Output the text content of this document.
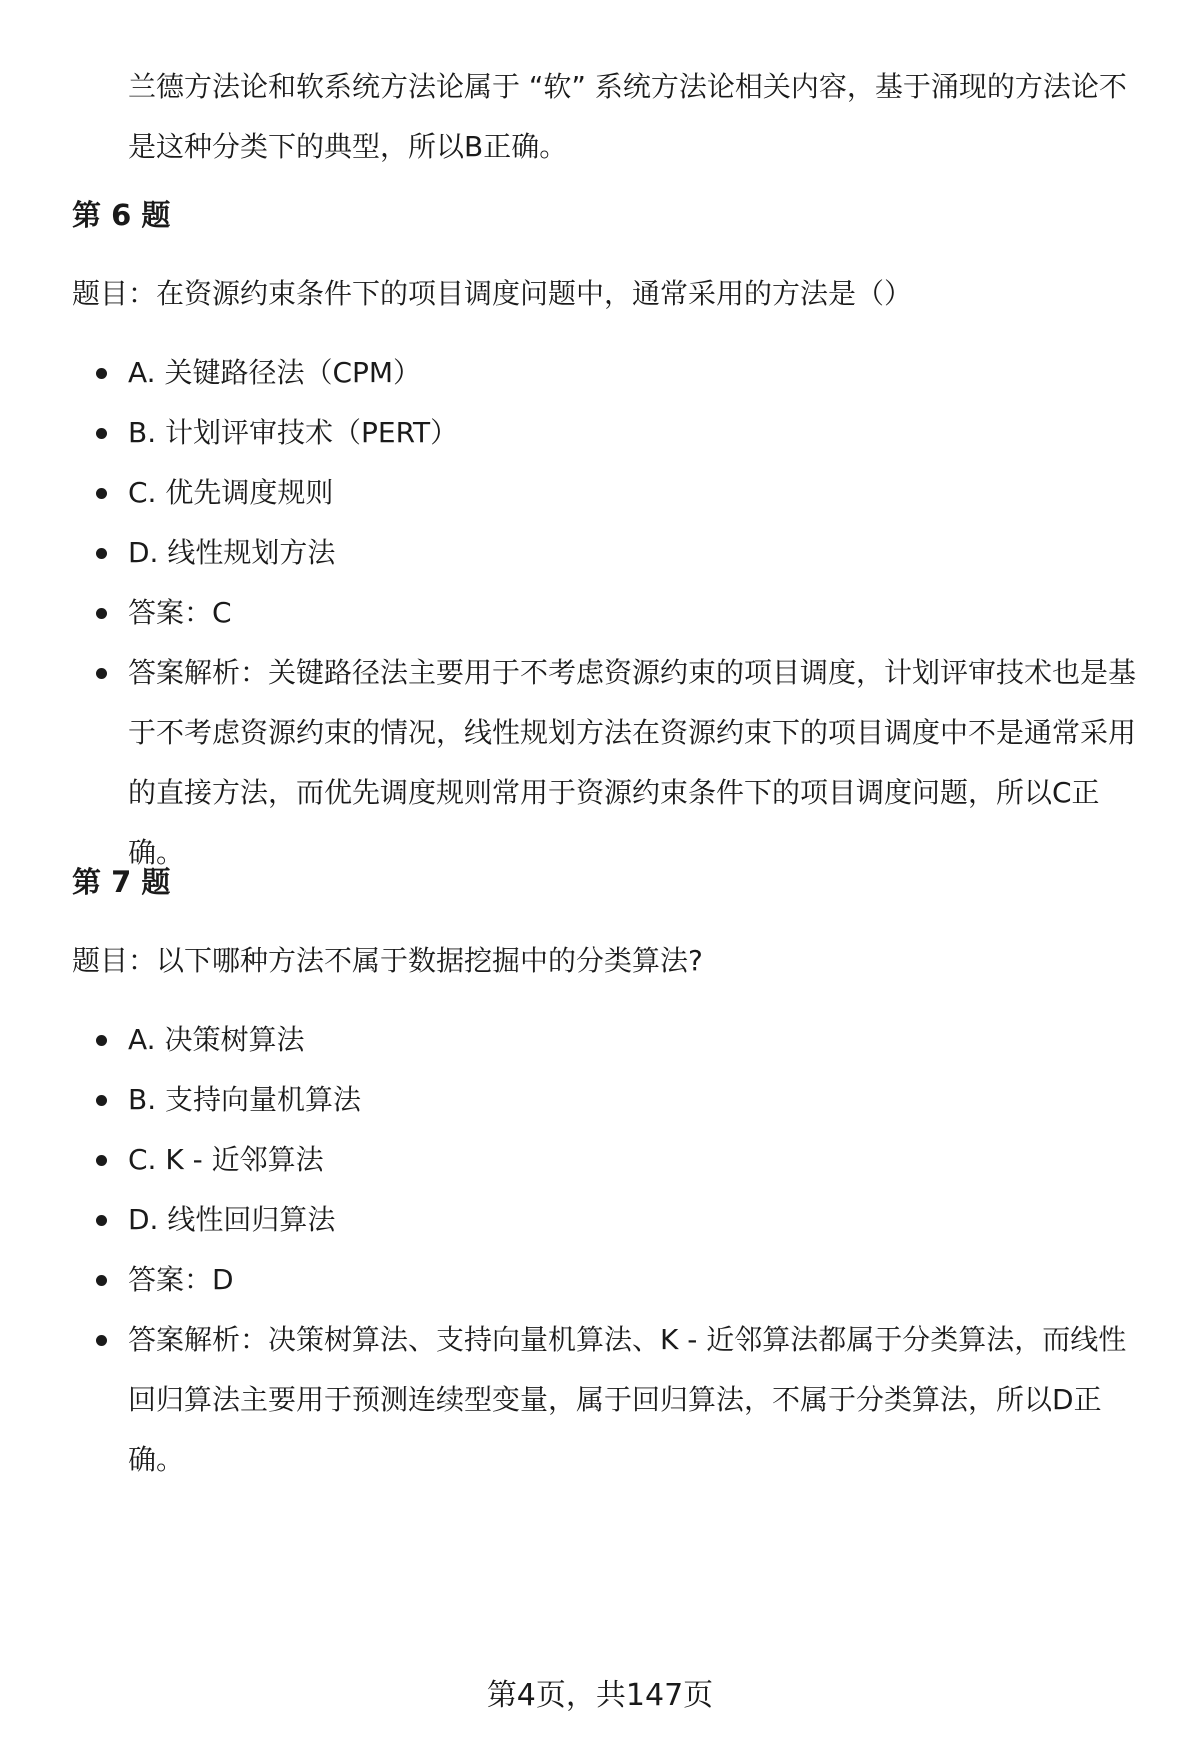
兰德方法论和软系统方法论属于 “软” 系统方法论相关内容，基于涌现的方法论不是这种分类下的典型，所以B正确。

第 6 题

题目：在资源约束条件下的项目调度问题中，通常采用的方法是（）

A. 关键路径法（CPM）
B. 计划评审技术（PERT）
C. 优先调度规则
D. 线性规划方法
答案：C
答案解析：关键路径法主要用于不考虑资源约束的项目调度，计划评审技术也是基于不考虑资源约束的情况，线性规划方法在资源约束下的项目调度中不是通常采用的直接方法，而优先调度规则常用于资源约束条件下的项目调度问题，所以C正确。
第 7 题

题目：以下哪种方法不属于数据挖掘中的分类算法?

A. 决策树算法
B. 支持向量机算法
C. K - 近邻算法
D. 线性回归算法
答案：D
答案解析：决策树算法、支持向量机算法、K - 近邻算法都属于分类算法，而线性回归算法主要用于预测连续型变量，属于回归算法，不属于分类算法，所以D正确。

第4页，共147页
